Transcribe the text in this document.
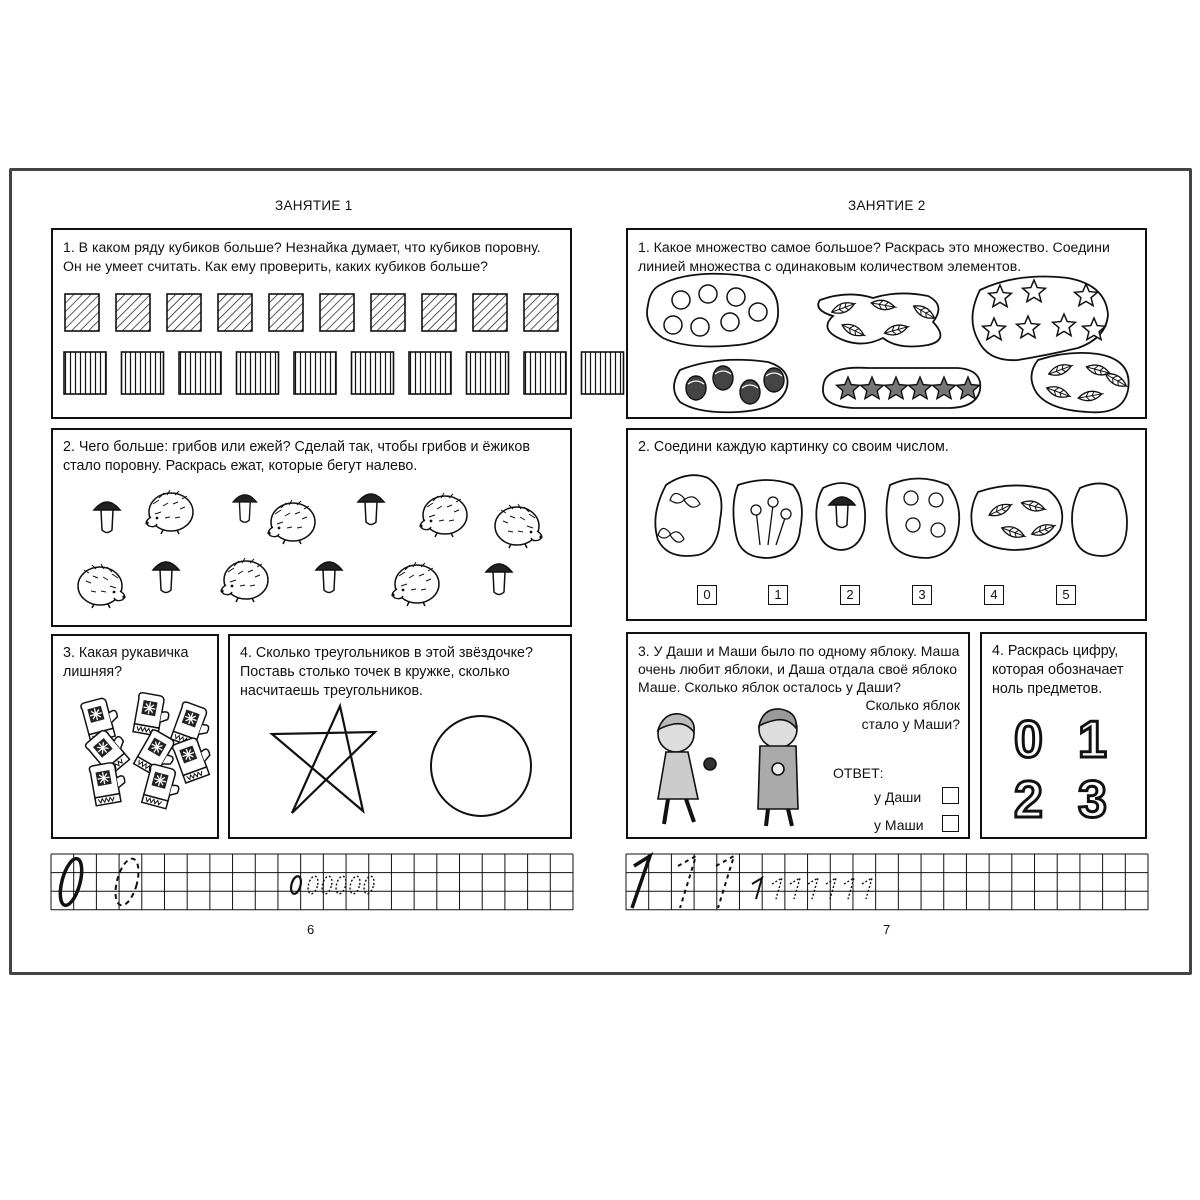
ЗАНЯТИЕ 1
1. В каком ряду кубиков больше? Незнайка думает, что кубиков поровну. Он не умеет считать. Как ему проверить, каких кубиков больше?
2. Чего больше: грибов или ежей? Сделай так, чтобы грибов и ёжиков стало поровну. Раскрась ежат, которые бегут налево.
3. Какая рукавичка лишняя?
4. Сколько треугольников в этой звёздочке? Поставь столько точек в кружке, сколько насчитаешь треугольников.
6
ЗАНЯТИЕ 2
1. Какое множество самое большое? Раскрась это множество. Соедини линией множества с одинаковым количеством элементов.
2. Соедини каждую картинку со своим числом.
0	1	2	3	4	5
3. У Даши и Маши было по одному яблоку. Маша очень любит яблоки, и Даша отдала своё яблоко Маше. Сколько яблок осталось у Даши?
Сколько яблок стало у Маши?
ОТВЕТ:
у Даши
у Маши
4. Раскрась цифру, которая обозначает ноль предметов.
0 1
2 3
7
